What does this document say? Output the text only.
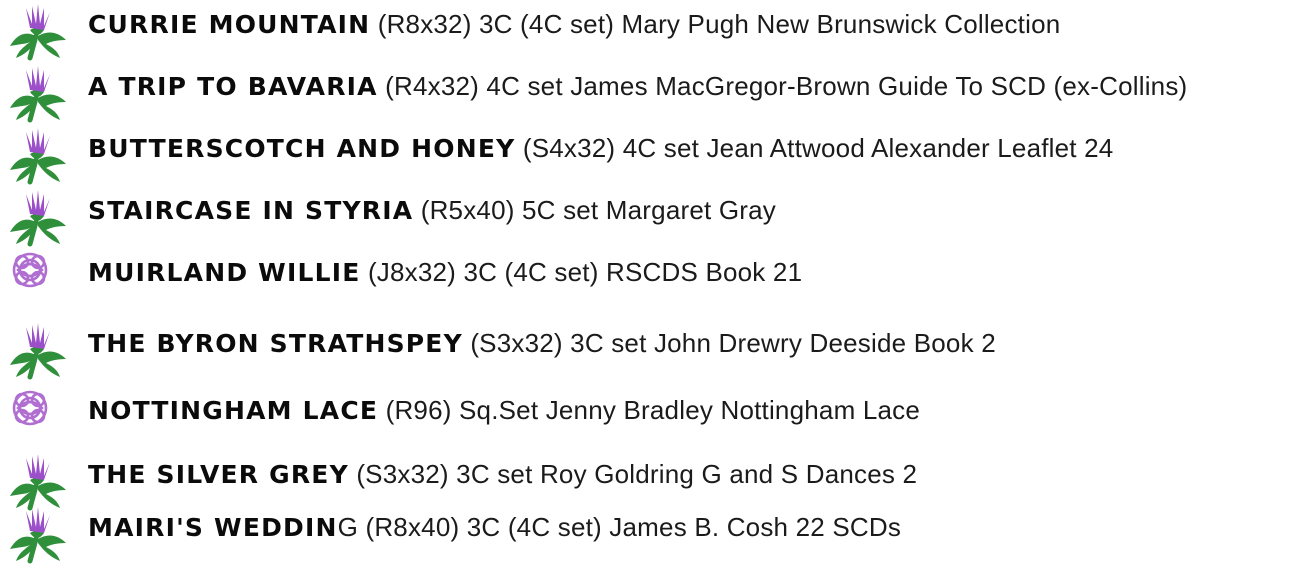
CURRIE MOUNTAIN (R8x32) 3C (4C set) Mary Pugh New Brunswick Collection
A TRIP TO BAVARIA (R4x32) 4C set James MacGregor-Brown Guide To SCD (ex-Collins)
BUTTERSCOTCH AND HONEY (S4x32) 4C set Jean Attwood Alexander Leaflet 24
STAIRCASE IN STYRIA (R5x40) 5C set Margaret Gray
MUIRLAND WILLIE (J8x32) 3C (4C set) RSCDS Book 21
THE BYRON STRATHSPEY (S3x32) 3C set John Drewry Deeside Book 2
NOTTINGHAM LACE (R96) Sq.Set Jenny Bradley Nottingham Lace
THE SILVER GREY (S3x32) 3C set Roy Goldring G and S Dances 2
MAIRI'S WEDDING (R8x40) 3C (4C set) James B. Cosh 22 SCDs
